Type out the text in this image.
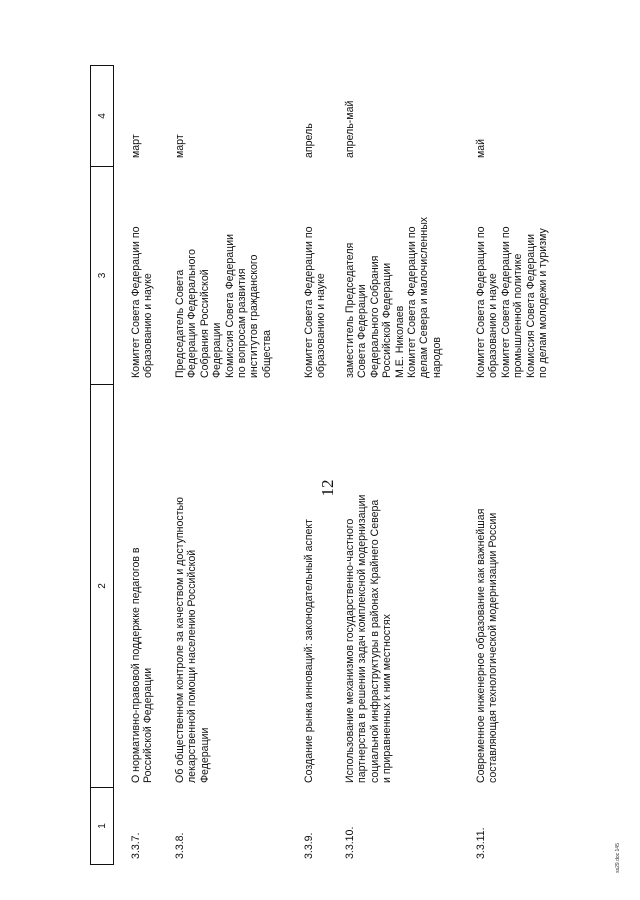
12
1
2
3
4
3.3.7.
О нормативно-правовой поддержке педагогов в
Российской Федерации
Комитет Совета Федерации по
образованию и науке
март
3.3.8.
Об общественном контроле за качеством и доступностью
лекарственной помощи населению Российской
Федерации
Председатель Совета
Федерации Федерального
Собрания Российской
Федерации
Комиссия Совета Федерации
по вопросам развития
институтов гражданского
общества
март
3.3.9.
Создание рынка инноваций: законодательный аспект
Комитет Совета Федерации по
образованию и науке
апрель
3.3.10.
Использование механизмов государственно-частного
партнерства в решении задач комплексной модернизации
социальной инфраструктуры в районах Крайнего Севера
и приравненных к ним местностях
заместитель Председателя
Совета Федерации
Федерального Собрания
Российской Федерации
М.Е. Николаев
Комитет Совета Федерации по
делам Севера и малочисленных
народов
апрель-май
3.3.11.
Современное инженерное образование как важнейшая
составляющая технологической модернизации России
Комитет Совета Федерации по
образованию и науке
Комитет Совета Федерации по
промышленной политике
Комиссия Совета Федерации
по делам молодежи и туризму
май
ss29.doc 145
